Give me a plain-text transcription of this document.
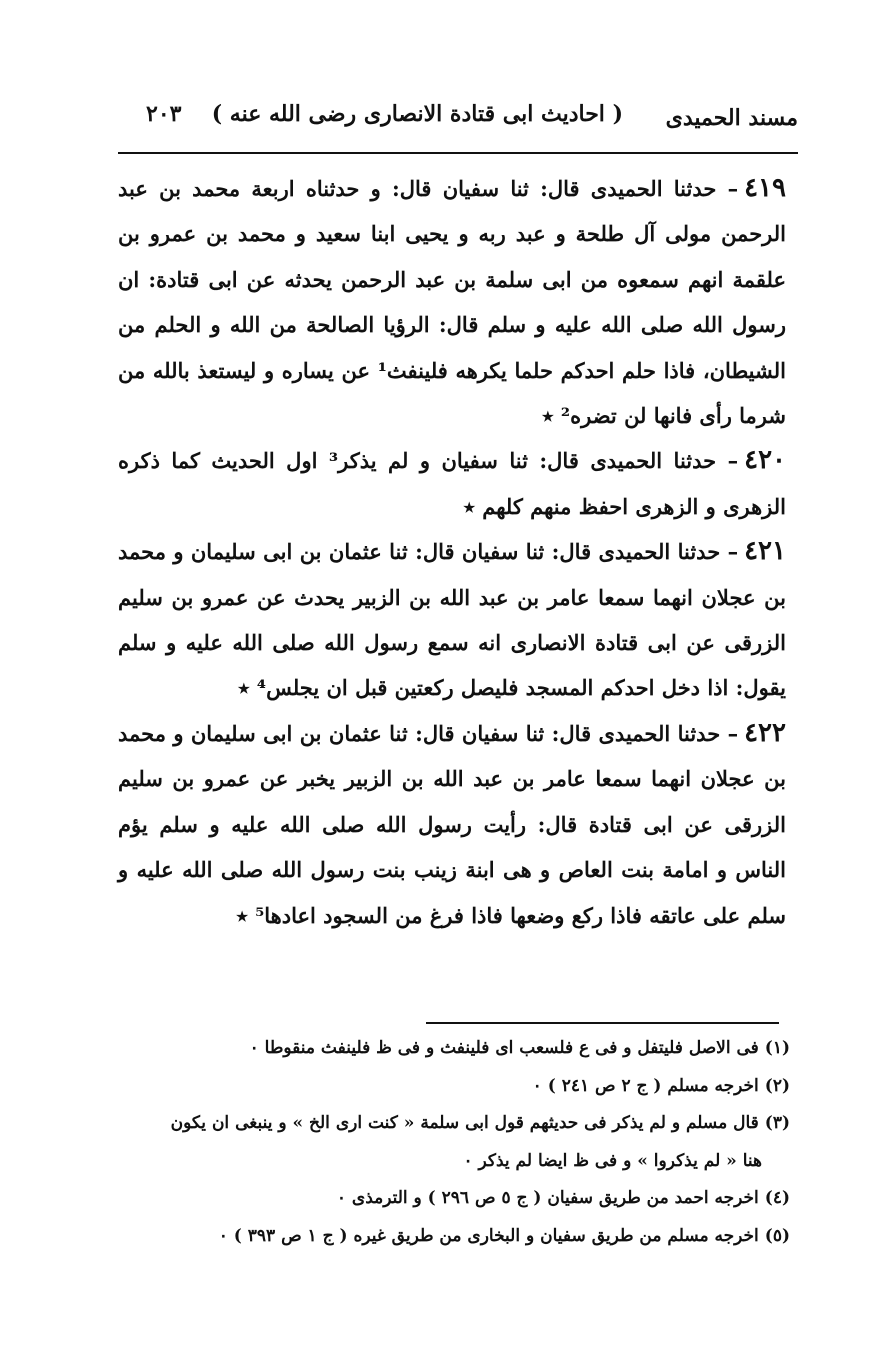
مسند الحميدى
( احاديث ابى قتادة الانصارى رضى الله عنه )
٢٠٣

٤١٩– حدثنا الحميدى قال: ثنا سفيان قال: و حدثناه اربعة محمد بن عبد الرحمن مولى آل طلحة و عبد ربه و يحيى ابنا سعيد و محمد بن عمرو بن علقمة انهم سمعوه من ابى سلمة بن عبد الرحمن يحدثه عن ابى قتادة: ان رسول الله صلى الله عليه و سلم قال: الرؤيا الصالحة من الله و الحلم من الشيطان، فاذا حلم احدكم حلما يكرهه فلينفث¹ عن يساره و ليستعذ بالله من شرما رأى فانها لن تضره² ٭

٤٢٠– حدثنا الحميدى قال: ثنا سفيان و لم يذكر³ اول الحديث كما ذكره الزهرى و الزهرى احفظ منهم كلهم ٭

٤٢١– حدثنا الحميدى قال: ثنا سفيان قال: ثنا عثمان بن ابى سليمان و محمد بن عجلان انهما سمعا عامر بن عبد الله بن الزبير يحدث عن عمرو بن سليم الزرقى عن ابى قتادة الانصارى انه سمع رسول الله صلى الله عليه و سلم يقول: اذا دخل احدكم المسجد فليصل ركعتين قبل ان يجلس⁴ ٭

٤٢٢– حدثنا الحميدى قال: ثنا سفيان قال: ثنا عثمان بن ابى سليمان و محمد بن عجلان انهما سمعا عامر بن عبد الله بن الزبير يخبر عن عمرو بن سليم الزرقى عن ابى قتادة قال: رأيت رسول الله صلى الله عليه و سلم يؤم الناس و امامة بنت العاص و هى ابنة زينب بنت رسول الله صلى الله عليه و سلم على عاتقه فاذا ركع وضعها فاذا فرغ من السجود اعادها⁵ ٭

(١)فى الاصل فليتفل و فى ع فلسعب اى فلينفث و فى ظ فلينفث منقوطا ٠

(٢)اخرجه مسلم ( ج ٢ ص ٢٤١ ) ٠

(٣)قال مسلم و لم يذكر فى حديثهم قول ابى سلمة « كنت ارى الخ » و ينبغى ان يكون

هنا « لم يذكروا » و فى ظ ايضا لم يذكر ٠

(٤)اخرجه احمد من طريق سفيان ( ج ٥ ص ٢٩٦ ) و الترمذى ٠

(٥)اخرجه مسلم من طريق سفيان و البخارى من طريق غيره ( ج ١ ص ٣٩٣ ) ٠
